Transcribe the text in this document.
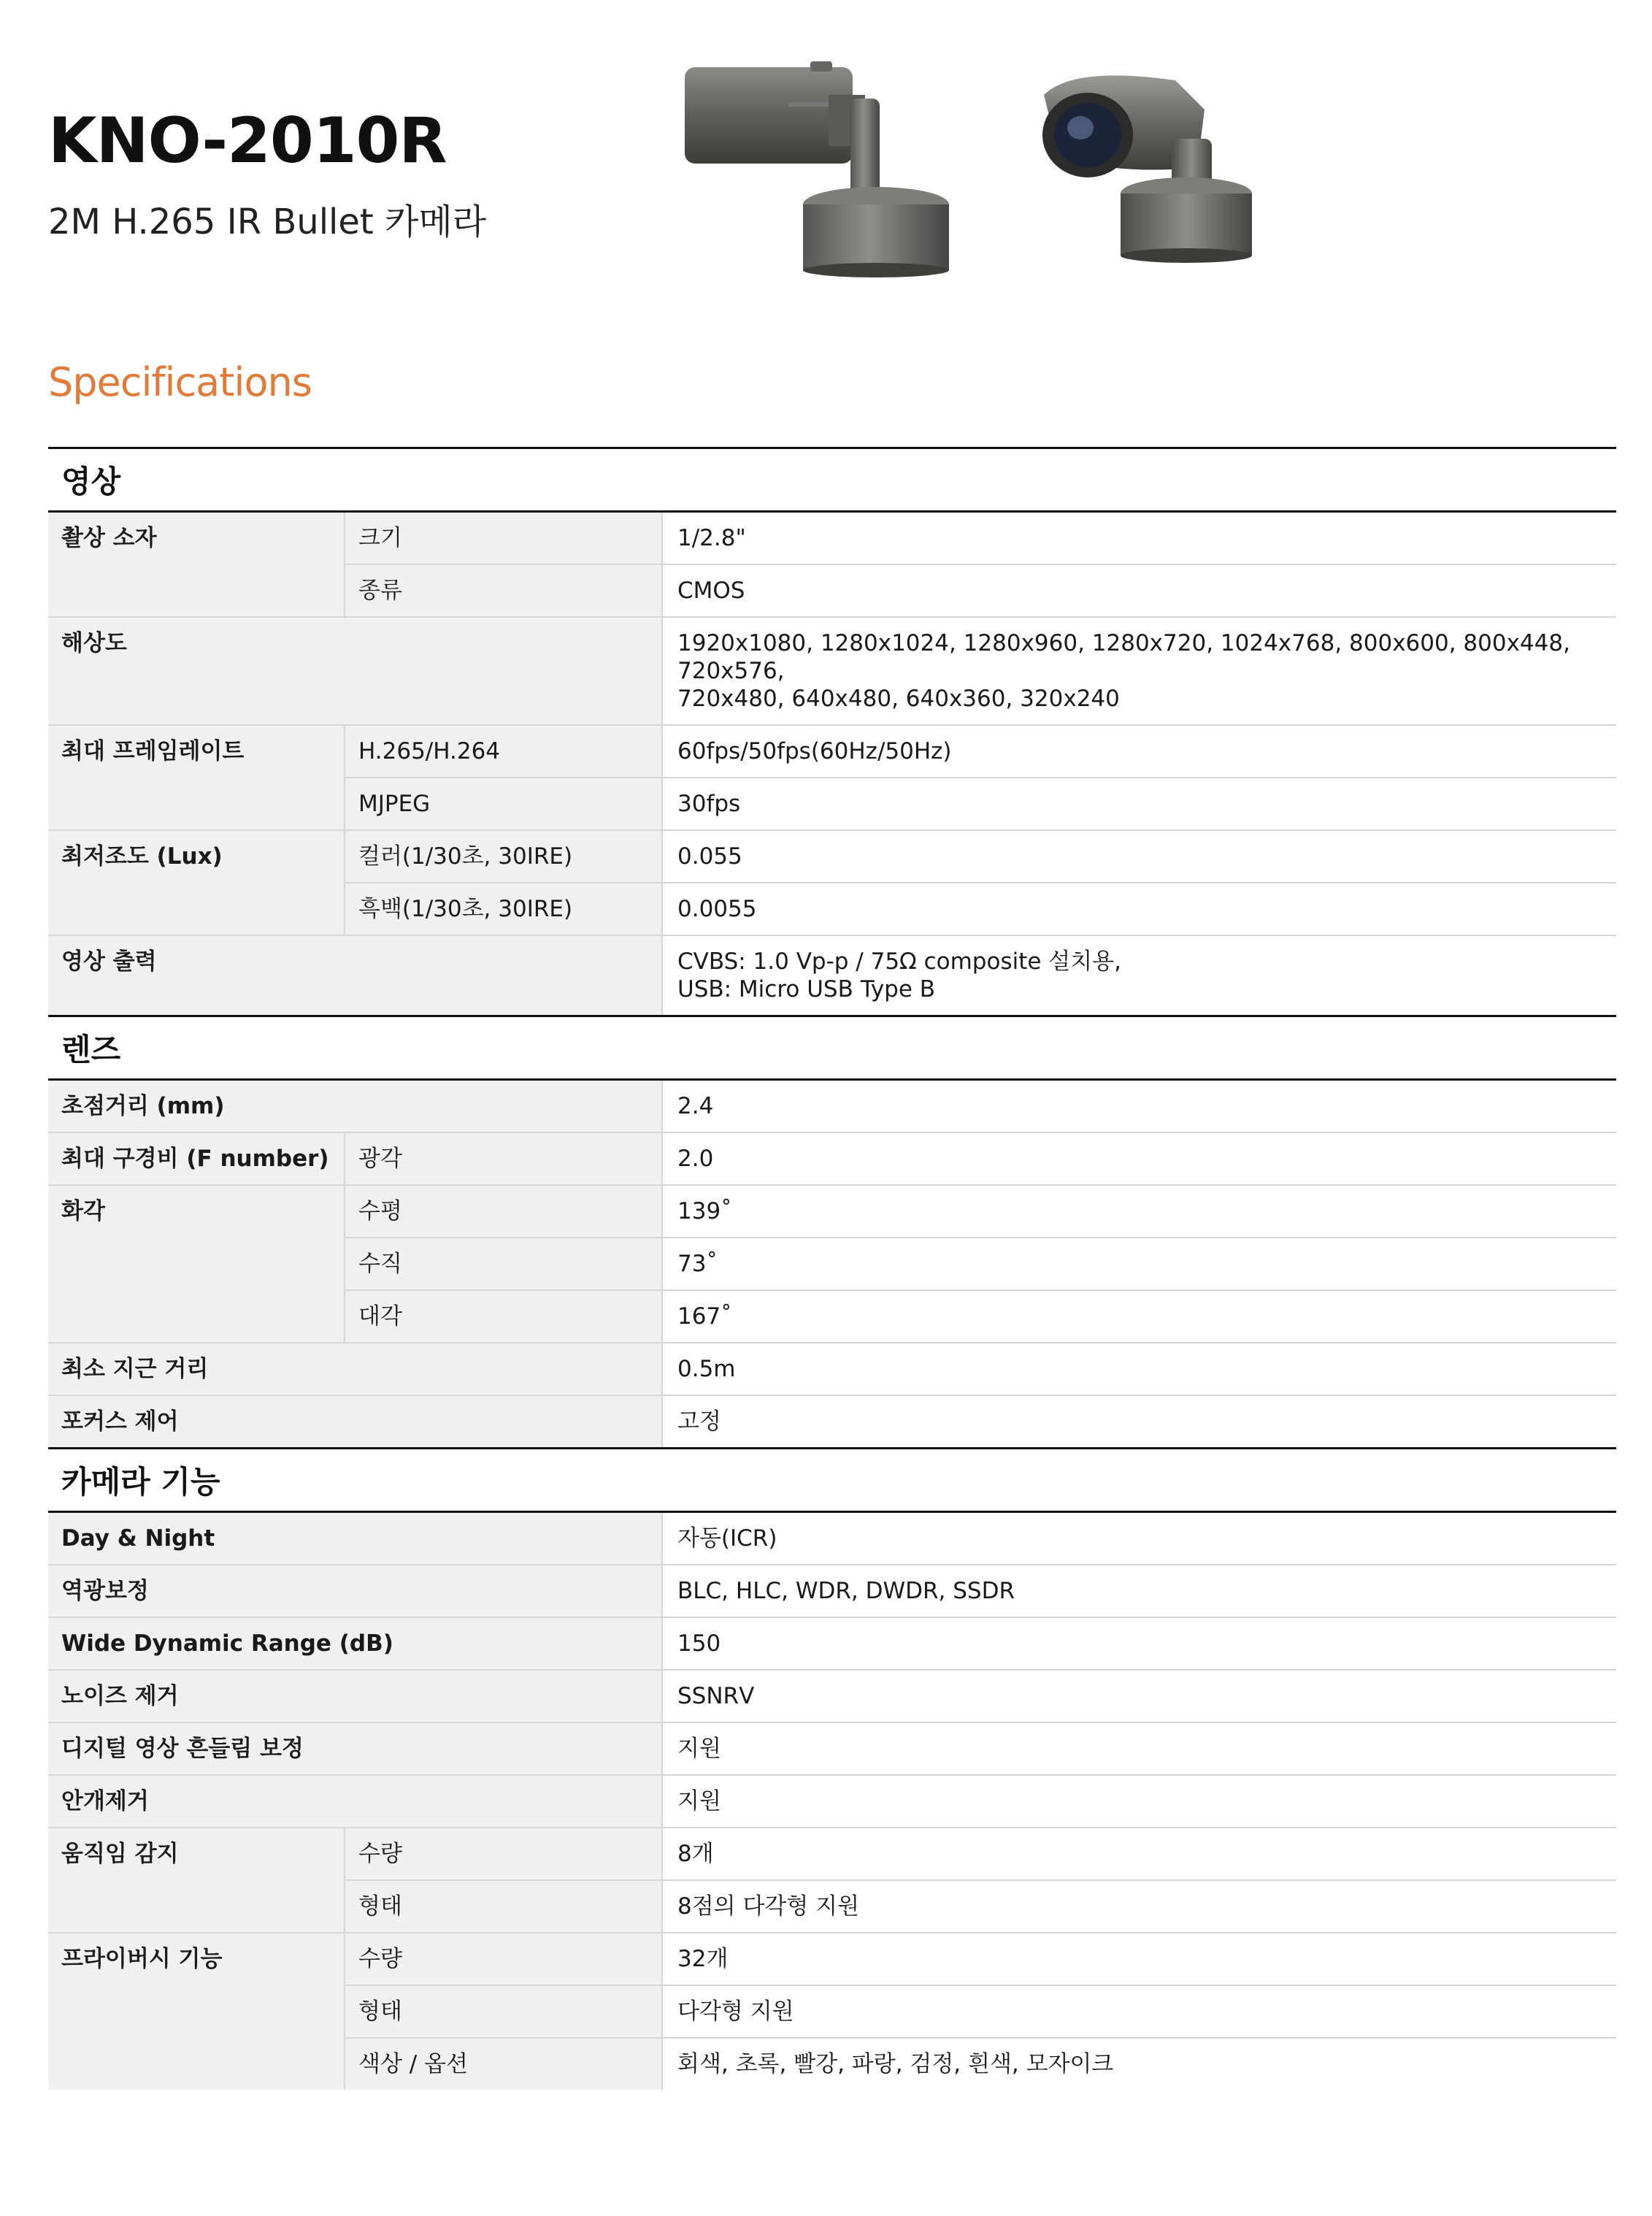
KNO-2010R
2M H.265 IR Bullet 카메라
Specifications
영상
촬상 소자	크기	1/2.8"
종류	CMOS
해상도	1920x1080, 1280x1024, 1280x960, 1280x720, 1024x768, 800x600, 800x448, 720x576,
720x480, 640x480, 640x360, 320x240
최대 프레임레이트	H.265/H.264	60fps/50fps(60Hz/50Hz)
MJPEG	30fps
최저조도 (Lux)	컬러(1/30초, 30IRE)	0.055
흑백(1/30초, 30IRE)	0.0055
영상 출력	CVBS: 1.0 Vp-p / 75Ω composite 설치용,
USB: Micro USB Type B
렌즈
초점거리 (mm)	2.4
최대 구경비 (F number)	광각	2.0
화각	수평	139˚
수직	73˚
대각	167˚
최소 지근 거리	0.5m
포커스 제어	고정
카메라 기능
Day & Night	자동(ICR)
역광보정	BLC, HLC, WDR, DWDR, SSDR
Wide Dynamic Range (dB)	150
노이즈 제거	SSNRⅤ
디지털 영상 흔들림 보정	지원
안개제거	지원
움직임 감지	수량	8개
형태	8점의 다각형 지원
프라이버시 기능	수량	32개
형태	다각형 지원
색상 / 옵션	회색, 초록, 빨강, 파랑, 검정, 흰색, 모자이크
